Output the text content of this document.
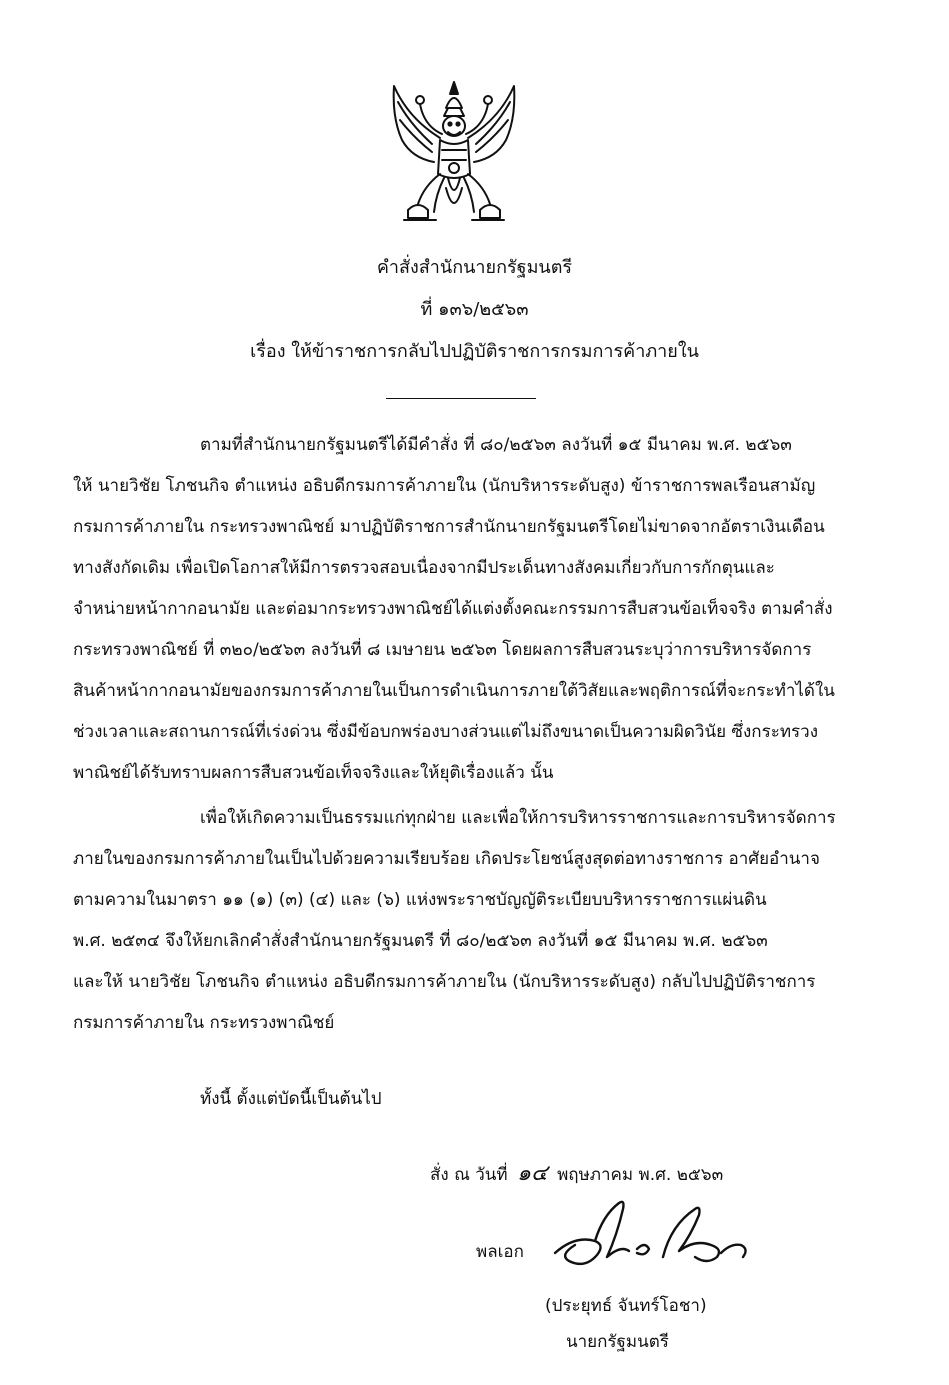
คำสั่งสำนักนายกรัฐมนตรี
ที่ ๑๓๖/๒๕๖๓
เรื่อง ให้ข้าราชการกลับไปปฏิบัติราชการกรมการค้าภายใน
ตามที่สำนักนายกรัฐมนตรีได้มีคำสั่ง ที่ ๘๐/๒๕๖๓ ลงวันที่ ๑๕ มีนาคม พ.ศ. ๒๕๖๓
ให้ นายวิชัย โภชนกิจ ตำแหน่ง อธิบดีกรมการค้าภายใน (นักบริหารระดับสูง) ข้าราชการพลเรือนสามัญ
กรมการค้าภายใน กระทรวงพาณิชย์ มาปฏิบัติราชการสำนักนายกรัฐมนตรีโดยไม่ขาดจากอัตราเงินเดือน
ทางสังกัดเดิม เพื่อเปิดโอกาสให้มีการตรวจสอบเนื่องจากมีประเด็นทางสังคมเกี่ยวกับการกักตุนและ
จำหน่ายหน้ากากอนามัย และต่อมากระทรวงพาณิชย์ได้แต่งตั้งคณะกรรมการสืบสวนข้อเท็จจริง ตามคำสั่ง
กระทรวงพาณิชย์ ที่ ๓๒๐/๒๕๖๓ ลงวันที่ ๘ เมษายน ๒๕๖๓ โดยผลการสืบสวนระบุว่าการบริหารจัดการ
สินค้าหน้ากากอนามัยของกรมการค้าภายในเป็นการดำเนินการภายใต้วิสัยและพฤติการณ์ที่จะกระทำได้ใน
ช่วงเวลาและสถานการณ์ที่เร่งด่วน ซึ่งมีข้อบกพร่องบางส่วนแต่ไม่ถึงขนาดเป็นความผิดวินัย ซึ่งกระทรวง
พาณิชย์ได้รับทราบผลการสืบสวนข้อเท็จจริงและให้ยุติเรื่องแล้ว นั้น
เพื่อให้เกิดความเป็นธรรมแก่ทุกฝ่าย และเพื่อให้การบริหารราชการและการบริหารจัดการ
ภายในของกรมการค้าภายในเป็นไปด้วยความเรียบร้อย เกิดประโยชน์สูงสุดต่อทางราชการ อาศัยอำนาจ
ตามความในมาตรา ๑๑ (๑) (๓) (๔) และ (๖) แห่งพระราชบัญญัติระเบียบบริหารราชการแผ่นดิน
พ.ศ. ๒๕๓๔ จึงให้ยกเลิกคำสั่งสำนักนายกรัฐมนตรี ที่ ๘๐/๒๕๖๓ ลงวันที่ ๑๕ มีนาคม พ.ศ. ๒๕๖๓
และให้ นายวิชัย โภชนกิจ ตำแหน่ง อธิบดีกรมการค้าภายใน (นักบริหารระดับสูง) กลับไปปฏิบัติราชการ
กรมการค้าภายใน กระทรวงพาณิชย์
ทั้งนี้ ตั้งแต่บัดนี้เป็นต้นไป
สั่ง ณ วันที่ ๑๔ พฤษภาคม พ.ศ. ๒๕๖๓
พลเอก
(ประยุทธ์ จันทร์โอชา)
นายกรัฐมนตรี
